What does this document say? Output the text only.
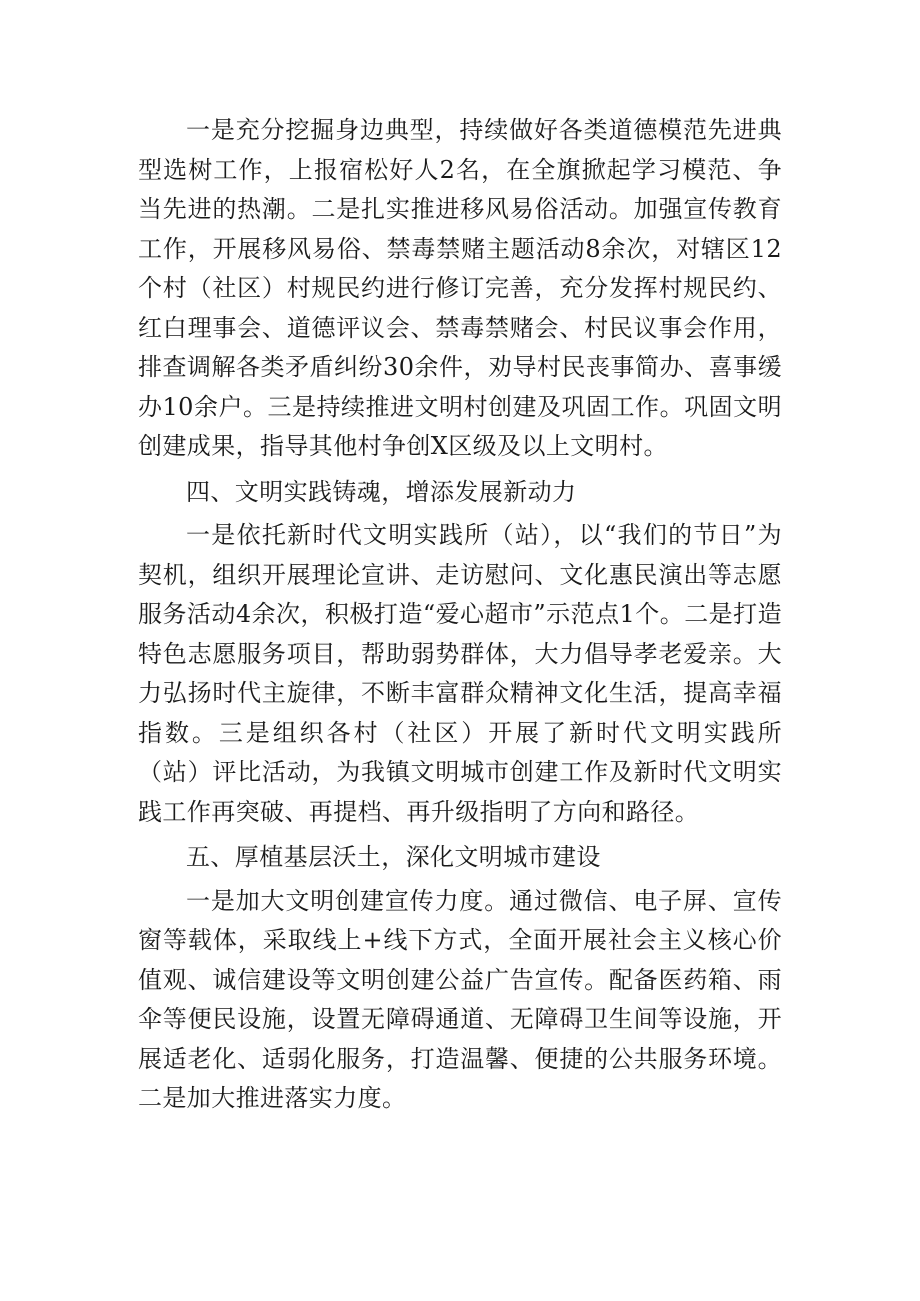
一是充分挖掘身边典型，持续做好各类道德模范先进典型选树工作，上报宿松好人2名，在全旗掀起学习模范、争当先进的热潮。二是扎实推进移风易俗活动。加强宣传教育工作，开展移风易俗、禁毒禁赌主题活动8余次，对辖区12个村（社区）村规民约进行修订完善，充分发挥村规民约、红白理事会、道德评议会、禁毒禁赌会、村民议事会作用，排查调解各类矛盾纠纷30余件，劝导村民丧事简办、喜事缓办10余户。三是持续推进文明村创建及巩固工作。巩固文明创建成果，指导其他村争创X区级及以上文明村。

四、文明实践铸魂，增添发展新动力

一是依托新时代文明实践所（站），以“我们的节日”为契机，组织开展理论宣讲、走访慰问、文化惠民演出等志愿服务活动4余次，积极打造“爱心超市”示范点1个。二是打造特色志愿服务项目，帮助弱势群体，大力倡导孝老爱亲。大力弘扬时代主旋律，不断丰富群众精神文化生活，提高幸福指数。三是组织各村（社区）开展了新时代文明实践所（站）评比活动，为我镇文明城市创建工作及新时代文明实践工作再突破、再提档、再升级指明了方向和路径。

五、厚植基层沃土，深化文明城市建设

一是加大文明创建宣传力度。通过微信、电子屏、宣传窗等载体，采取线上+线下方式，全面开展社会主义核心价值观、诚信建设等文明创建公益广告宣传。配备医药箱、雨伞等便民设施，设置无障碍通道、无障碍卫生间等设施，开展适老化、适弱化服务，打造温馨、便捷的公共服务环境。二是加大推进落实力度。
